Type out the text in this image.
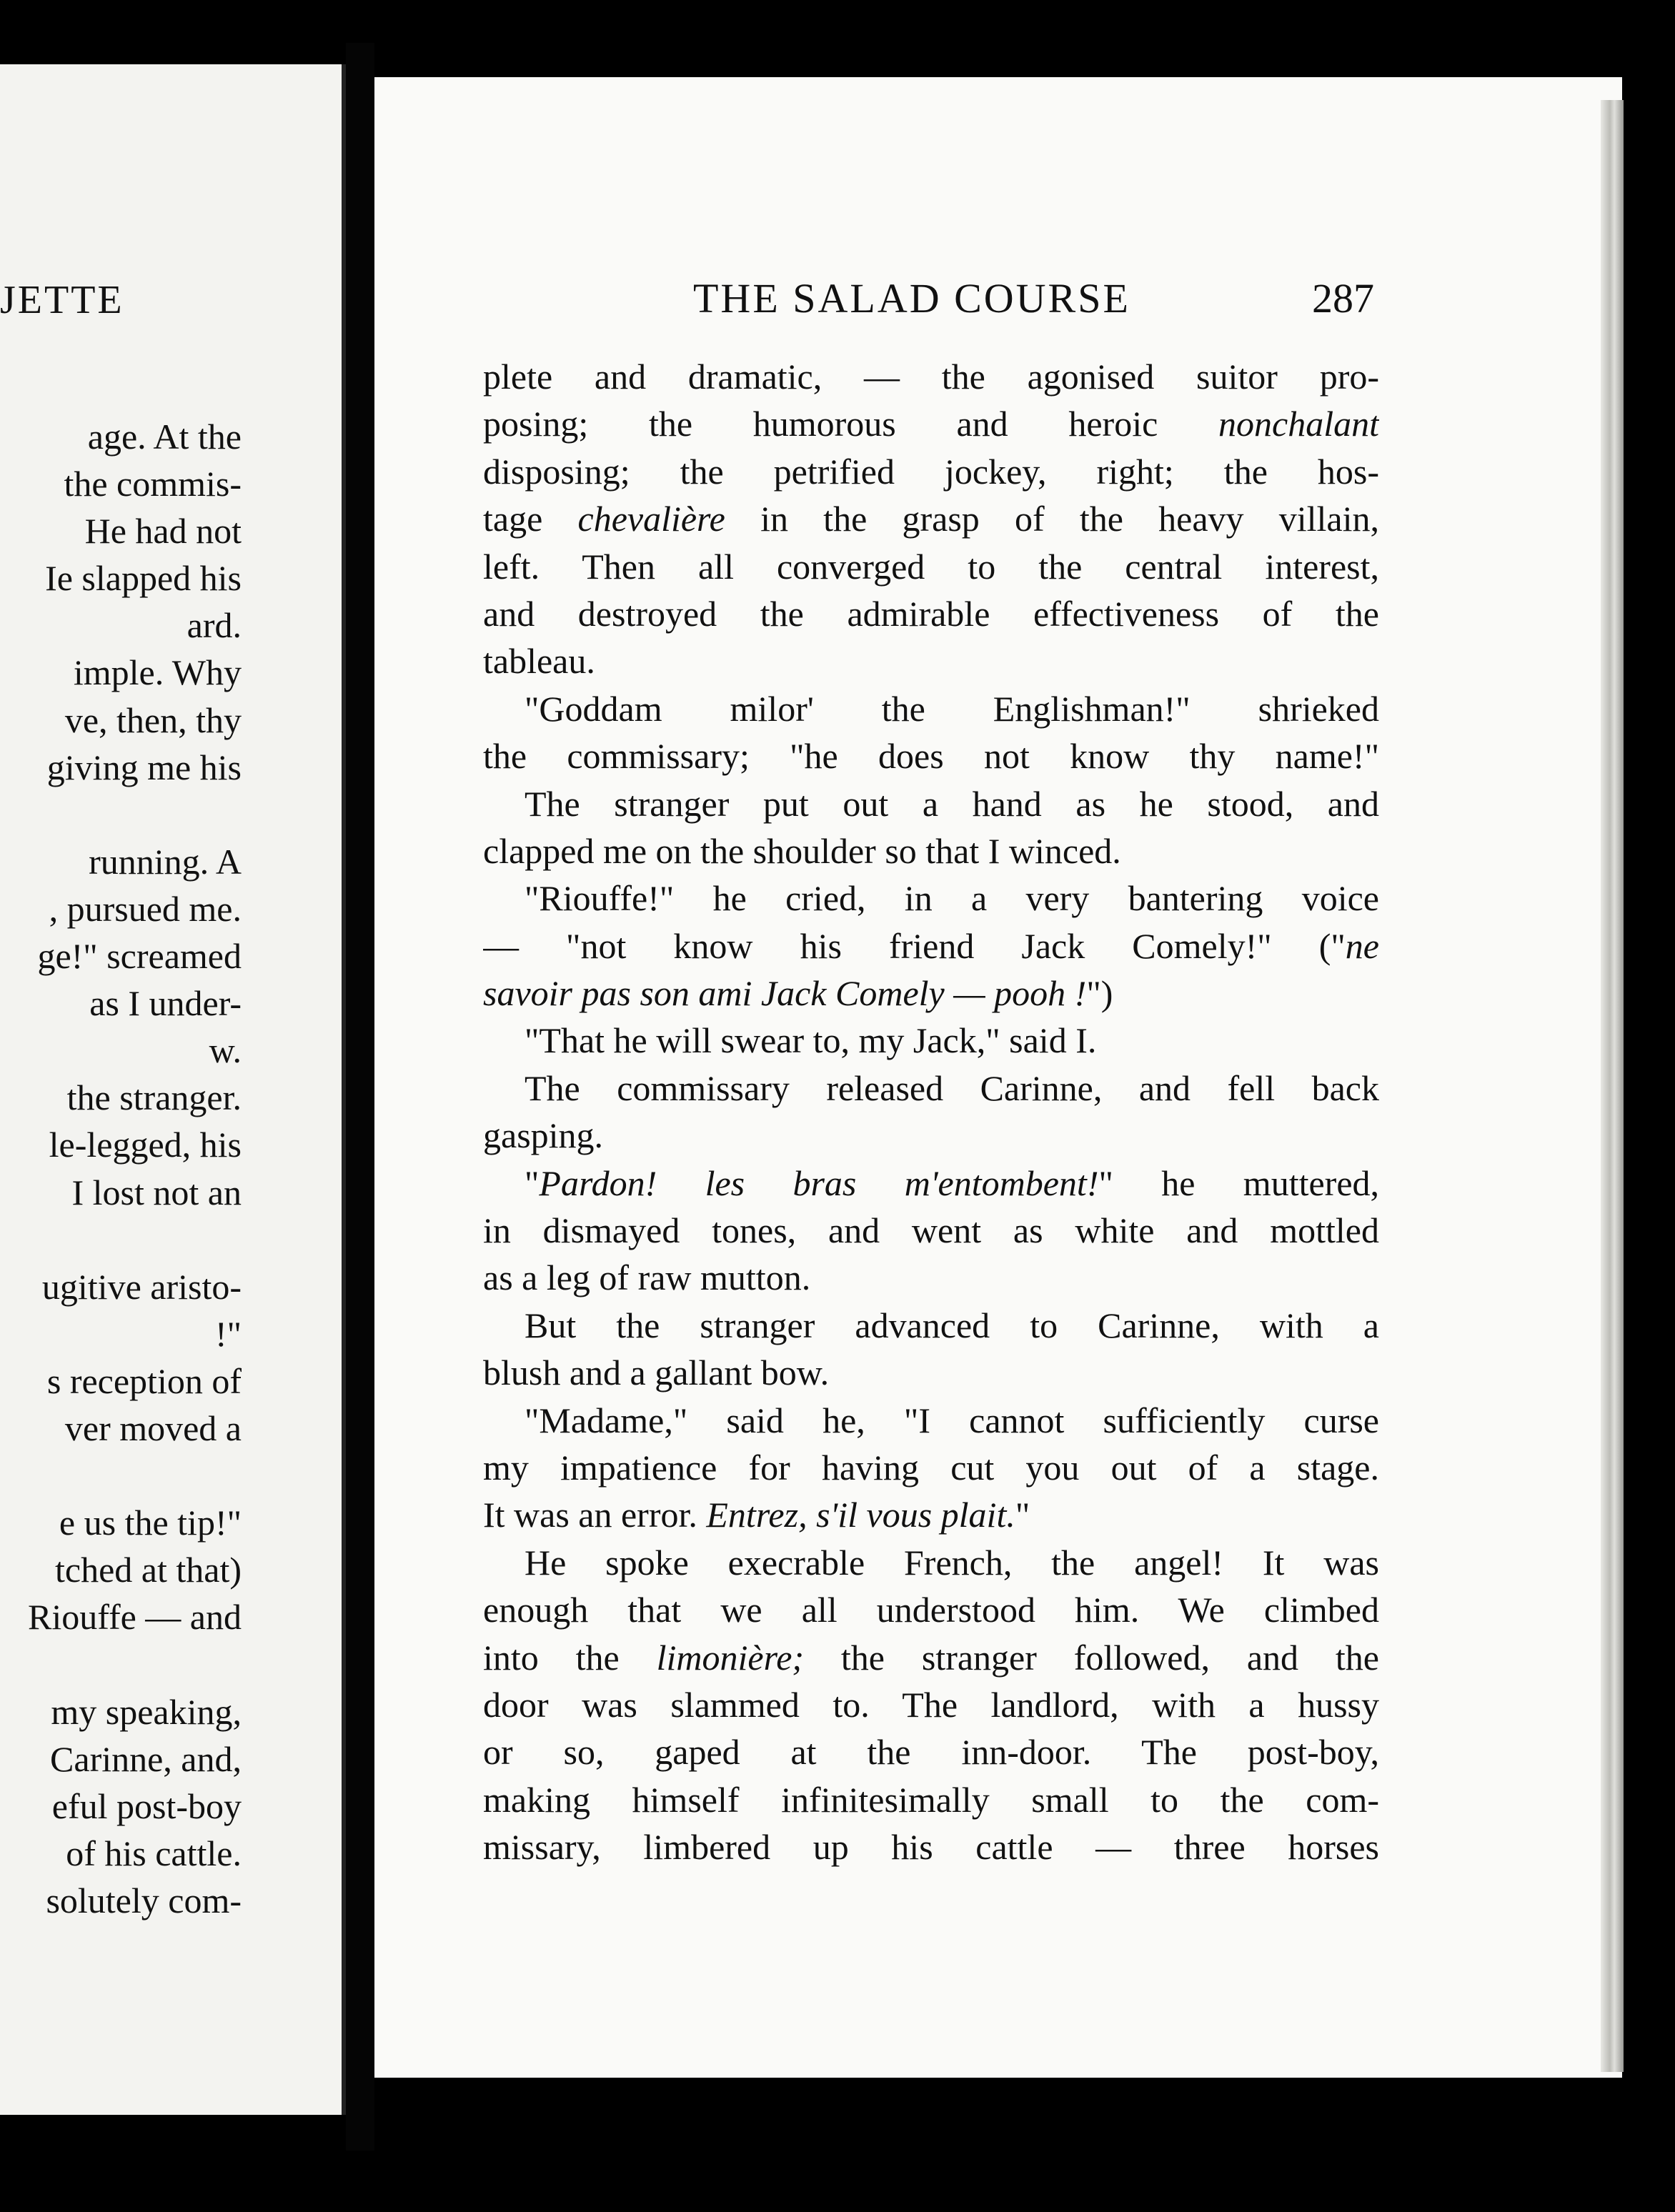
JETTE
age. At the
the commis-
He had not
Ie slapped his
ard.
imple. Why
ve, then, thy
giving me his

running. A
, pursued me.
ge!" screamed
as I under-
w.
the stranger.
le-legged, his
I lost not an

ugitive aristo-
!"
s reception of
ver moved a

e us the tip!"
tched at that)
Riouffe — and

my speaking,
Carinne, and,
eful post-boy
of his cattle.
solutely com-
THE SALAD COURSE	287
plete and dramatic, — the agonised suitor pro-
posing; the humorous and heroic nonchalant
disposing; the petrified jockey, right; the hos-
tage chevalière in the grasp of the heavy villain,
left. Then all converged to the central interest,
and destroyed the admirable effectiveness of the
tableau.
"Goddam milor' the Englishman!" shrieked
the commissary; "he does not know thy name!"
The stranger put out a hand as he stood, and
clapped me on the shoulder so that I winced.
"Riouffe!" he cried, in a very bantering voice
— "not know his friend Jack Comely!" ("ne
savoir pas son ami Jack Comely — pooh !")
"That he will swear to, my Jack," said I.
The commissary released Carinne, and fell back
gasping.
"Pardon! les bras m'entombent!" he muttered,
in dismayed tones, and went as white and mottled
as a leg of raw mutton.
But the stranger advanced to Carinne, with a
blush and a gallant bow.
"Madame," said he, "I cannot sufficiently curse
my impatience for having cut you out of a stage.
It was an error. Entrez, s'il vous plait."
He spoke execrable French, the angel! It was
enough that we all understood him. We climbed
into the limonière; the stranger followed, and the
door was slammed to. The landlord, with a hussy
or so, gaped at the inn-door. The post-boy,
making himself infinitesimally small to the com-
missary, limbered up his cattle — three horses
